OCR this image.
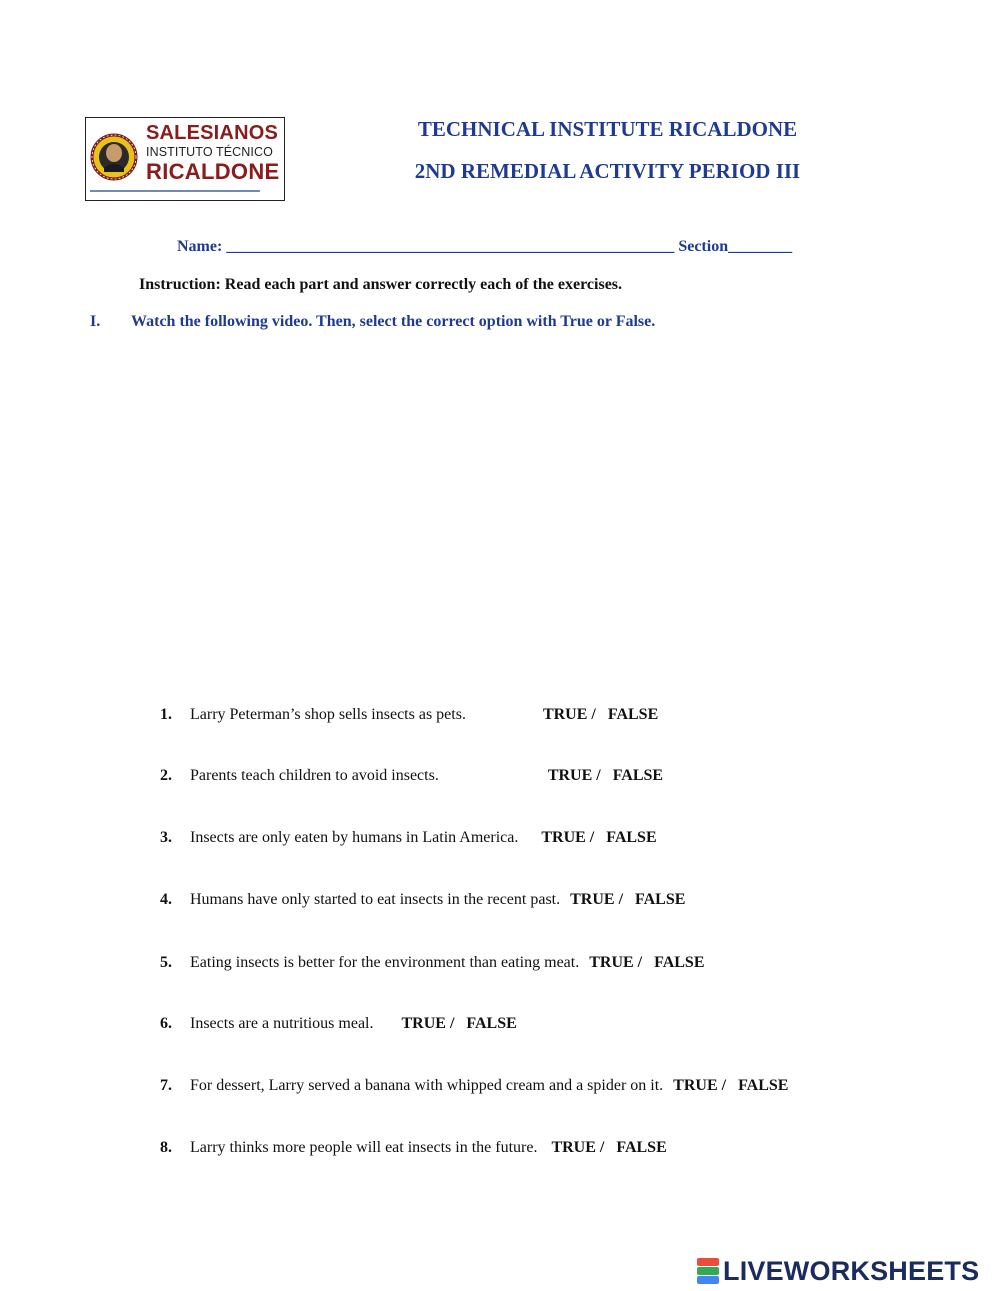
SALESIANOS
INSTITUTO TÉCNICO
RICALDONE
TECHNICAL INSTITUTE RICALDONE
2ND REMEDIAL ACTIVITY PERIOD III
Name: ________________________________________________________ Section________
Instruction: Read each part and answer correctly each of the exercises.
I. Watch the following video. Then, select the correct option with True or False.
1. Larry Peterman’s shop sells insects as pets.	TRUE /   FALSE
2. Parents teach children to avoid insects.	TRUE /   FALSE
3. Insects are only eaten by humans in Latin America. TRUE /   FALSE
4. Humans have only started to eat insects in the recent past. TRUE /   FALSE
5. Eating insects is better for the environment than eating meat. TRUE /   FALSE
6. Insects are a nutritious meal. TRUE /   FALSE
7. For dessert, Larry served a banana with whipped cream and a spider on it. TRUE /   FALSE
8. Larry thinks more people will eat insects in the future. TRUE /   FALSE
LIVEWORKSHEETS
